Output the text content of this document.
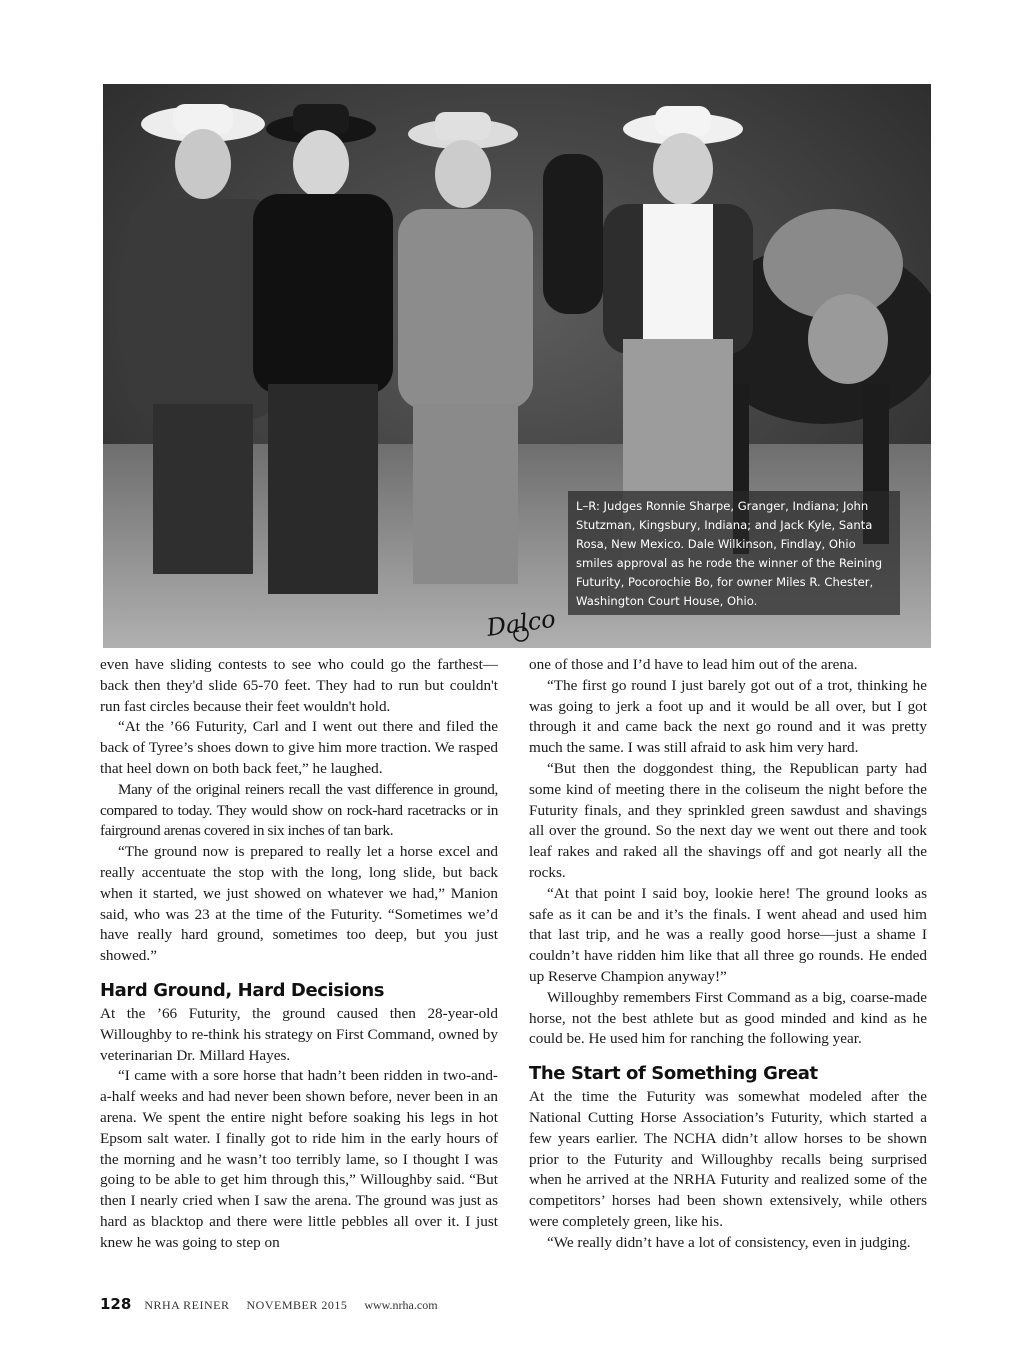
Dalco
L–R: Judges Ronnie Sharpe, Granger, Indiana; John Stutzman, Kingsbury, Indiana; and Jack Kyle, Santa Rosa, New Mexico. Dale Wilkinson, Findlay, Ohio smiles approval as he rode the winner of the Reining Futurity, Pocorochie Bo, for owner Miles R. Chester, Washington Court House, Ohio.

even have sliding contests to see who could go the farthest— back then they'd slide 65-70 feet. They had to run but couldn't run fast circles because their feet wouldn't hold.

“At the ’66 Futurity, Carl and I went out there and filed the back of Tyree’s shoes down to give him more traction. We rasped that heel down on both back feet,” he laughed.

Many of the original reiners recall the vast difference in ground, compared to today. They would show on rock-hard racetracks or in fairground arenas covered in six inches of tan bark.

“The ground now is prepared to really let a horse excel and really accentuate the stop with the long, long slide, but back when it started, we just showed on whatever we had,” Manion said, who was 23 at the time of the Futurity. “Sometimes we’d have really hard ground, sometimes too deep, but you just showed.”

Hard Ground, Hard Decisions

At the ’66 Futurity, the ground caused then 28-year-old Willoughby to re-think his strategy on First Command, owned by veterinarian Dr. Millard Hayes.

“I came with a sore horse that hadn’t been ridden in two-and-a-half weeks and had never been shown before, never been in an arena. We spent the entire night before soaking his legs in hot Epsom salt water. I finally got to ride him in the early hours of the morning and he wasn’t too terribly lame, so I thought I was going to be able to get him through this,” Willoughby said. “But then I nearly cried when I saw the arena. The ground was just as hard as blacktop and there were little pebbles all over it. I just knew he was going to step on

one of those and I’d have to lead him out of the arena.

“The first go round I just barely got out of a trot, thinking he was going to jerk a foot up and it would be all over, but I got through it and came back the next go round and it was pretty much the same. I was still afraid to ask him very hard.

“But then the doggondest thing, the Republican party had some kind of meeting there in the coliseum the night before the Futurity finals, and they sprinkled green sawdust and shavings all over the ground. So the next day we went out there and took leaf rakes and raked all the shavings off and got nearly all the rocks.

“At that point I said boy, lookie here! The ground looks as safe as it can be and it’s the finals. I went ahead and used him that last trip, and he was a really good horse—just a shame I couldn’t have ridden him like that all three go rounds. He ended up Reserve Champion anyway!”

Willoughby remembers First Command as a big, coarse-made horse, not the best athlete but as good minded and kind as he could be. He used him for ranching the following year.

The Start of Something Great

At the time the Futurity was somewhat modeled after the National Cutting Horse Association’s Futurity, which started a few years earlier. The NCHA didn’t allow horses to be shown prior to the Futurity and Willoughby recalls being surprised when he arrived at the NRHA Futurity and realized some of the competitors’ horses had been shown extensively, while others were completely green, like his.

“We really didn’t have a lot of consistency, even in judging.

128 NRHA REINER NOVEMBER 2015 www.nrha.com
